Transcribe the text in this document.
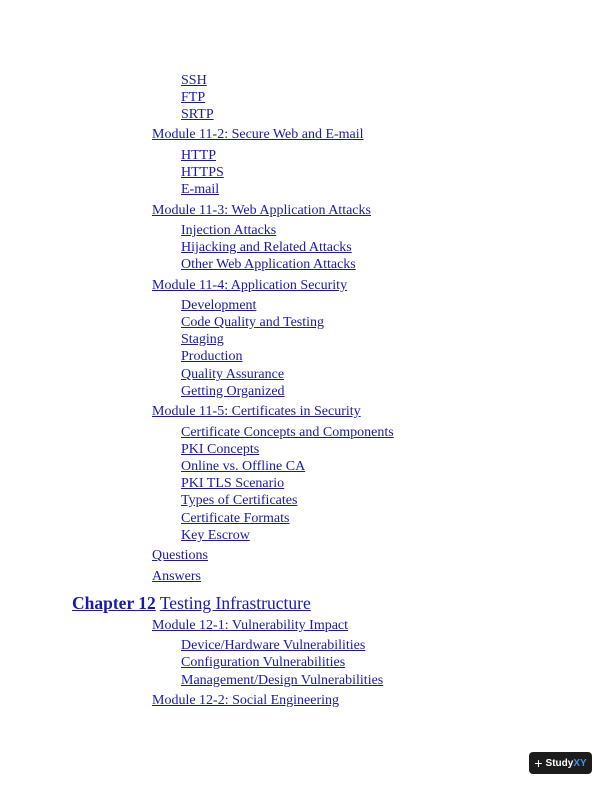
SSH
FTP
SRTP
Module 11-2: Secure Web and E-mail
HTTP
HTTPS
E-mail
Module 11-3: Web Application Attacks
Injection Attacks
Hijacking and Related Attacks
Other Web Application Attacks
Module 11-4: Application Security
Development
Code Quality and Testing
Staging
Production
Quality Assurance
Getting Organized
Module 11-5: Certificates in Security
Certificate Concepts and Components
PKI Concepts
Online vs. Offline CA
PKI TLS Scenario
Types of Certificates
Certificate Formats
Key Escrow
Questions
Answers
Chapter 12 Testing Infrastructure
Module 12-1: Vulnerability Impact
Device/Hardware Vulnerabilities
Configuration Vulnerabilities
Management/Design Vulnerabilities
Module 12-2: Social Engineering
+ StudyXY
